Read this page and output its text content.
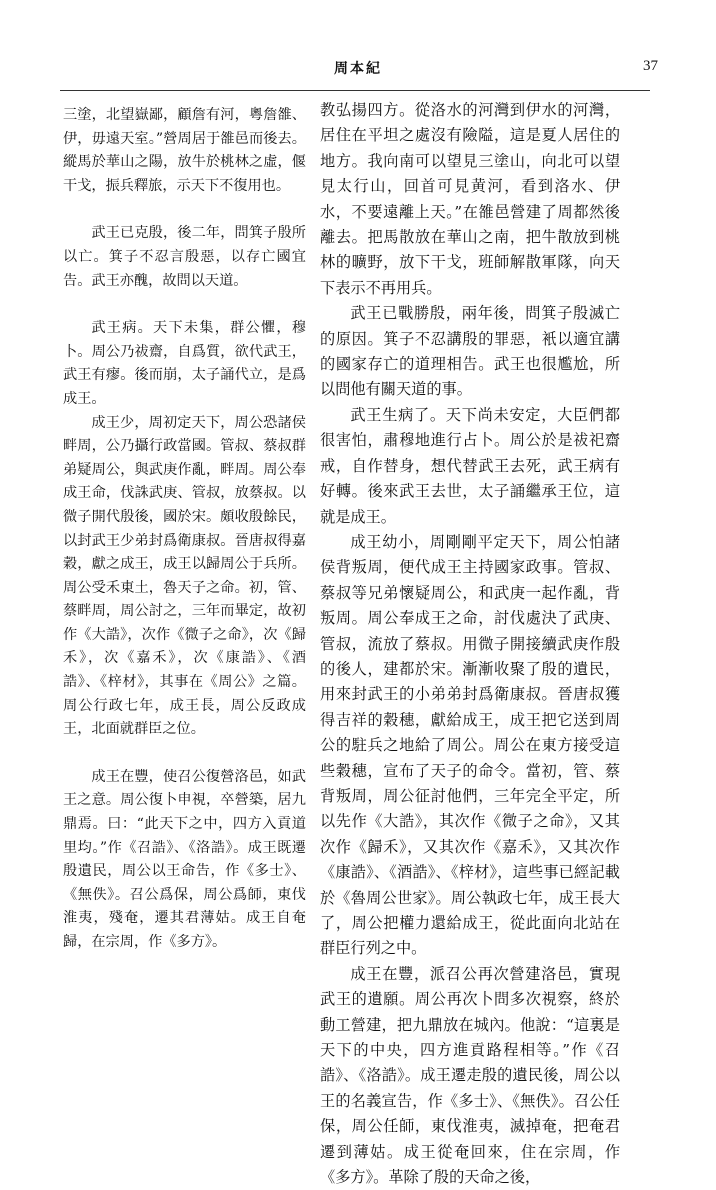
周本紀	37

三塗，北望嶽鄙，顧詹有河，粵詹雒、伊，毋遠天室。”營周居于雒邑而後去。縱馬於華山之陽，放牛於桃林之虛，偃干戈，振兵釋旅，示天下不復用也。

武王已克殷，後二年，問箕子殷所以亡。箕子不忍言殷惡，以存亡國宜告。武王亦醜，故問以天道。

武王病。天下未集，群公懼，穆卜。周公乃祓齋，自爲質，欲代武王，武王有瘳。後而崩，太子誦代立，是爲成王。

成王少，周初定天下，周公恐諸侯畔周，公乃攝行政當國。管叔、蔡叔群弟疑周公，與武庚作亂，畔周。周公奉成王命，伐誅武庚、管叔，放蔡叔。以微子開代殷後，國於宋。頗收殷餘民，以封武王少弟封爲衛康叔。晉唐叔得嘉穀，獻之成王，成王以歸周公于兵所。周公受禾東土，魯天子之命。初，管、蔡畔周，周公討之，三年而畢定，故初作《大誥》，次作《微子之命》，次《歸禾》，次《嘉禾》，次《康誥》、《酒誥》、《梓材》，其事在《周公》之篇。周公行政七年，成王長，周公反政成王，北面就群臣之位。

成王在豐，使召公復營洛邑，如武王之意。周公復卜申視，卒營築，居九鼎焉。曰：“此天下之中，四方入貢道里均。”作《召誥》、《洛誥》。成王既遷殷遺民，周公以王命告，作《多士》、《無佚》。召公爲保，周公爲師，東伐淮夷，殘奄，遷其君薄姑。成王自奄歸，在宗周，作《多方》。

教弘揚四方。從洛水的河灣到伊水的河灣，居住在平坦之處沒有險隘，這是夏人居住的地方。我向南可以望見三塗山，向北可以望見太行山，回首可見黄河，看到洛水、伊水，不要遠離上天。”在雒邑營建了周都然後離去。把馬散放在華山之南，把牛散放到桃林的曠野，放下干戈，班師解散軍隊，向天下表示不再用兵。

武王已戰勝殷，兩年後，問箕子殷滅亡的原因。箕子不忍講殷的罪惡，衹以適宜講的國家存亡的道理相告。武王也很尷尬，所以問他有關天道的事。

武王生病了。天下尚未安定，大臣們都很害怕，肅穆地進行占卜。周公於是祓祀齋戒，自作替身，想代替武王去死，武王病有好轉。後來武王去世，太子誦繼承王位，這就是成王。

成王幼小，周剛剛平定天下，周公怕諸侯背叛周，便代成王主持國家政事。管叔、蔡叔等兄弟懷疑周公，和武庚一起作亂，背叛周。周公奉成王之命，討伐處決了武庚、管叔，流放了蔡叔。用微子開接續武庚作殷的後人，建都於宋。漸漸收聚了殷的遺民，用來封武王的小弟弟封爲衛康叔。晉唐叔獲得吉祥的穀穗，獻給成王，成王把它送到周公的駐兵之地給了周公。周公在東方接受這些穀穗，宣布了天子的命令。當初，管、蔡背叛周，周公征討他們，三年完全平定，所以先作《大誥》，其次作《微子之命》，又其次作《歸禾》，又其次作《嘉禾》，又其次作《康誥》、《酒誥》、《梓材》，這些事已經記載於《魯周公世家》。周公執政七年，成王長大了，周公把權力還給成王，從此面向北站在群臣行列之中。

成王在豐，派召公再次營建洛邑，實現武王的遺願。周公再次卜問多次視察，終於動工營建，把九鼎放在城內。他說：“這裏是天下的中央，四方進貢路程相等。”作《召誥》、《洛誥》。成王遷走殷的遺民後，周公以王的名義宣告，作《多士》、《無佚》。召公任保，周公任師，東伐淮夷，滅掉奄，把奄君遷到薄姑。成王從奄回來，住在宗周，作《多方》。革除了殷的天命之後，
